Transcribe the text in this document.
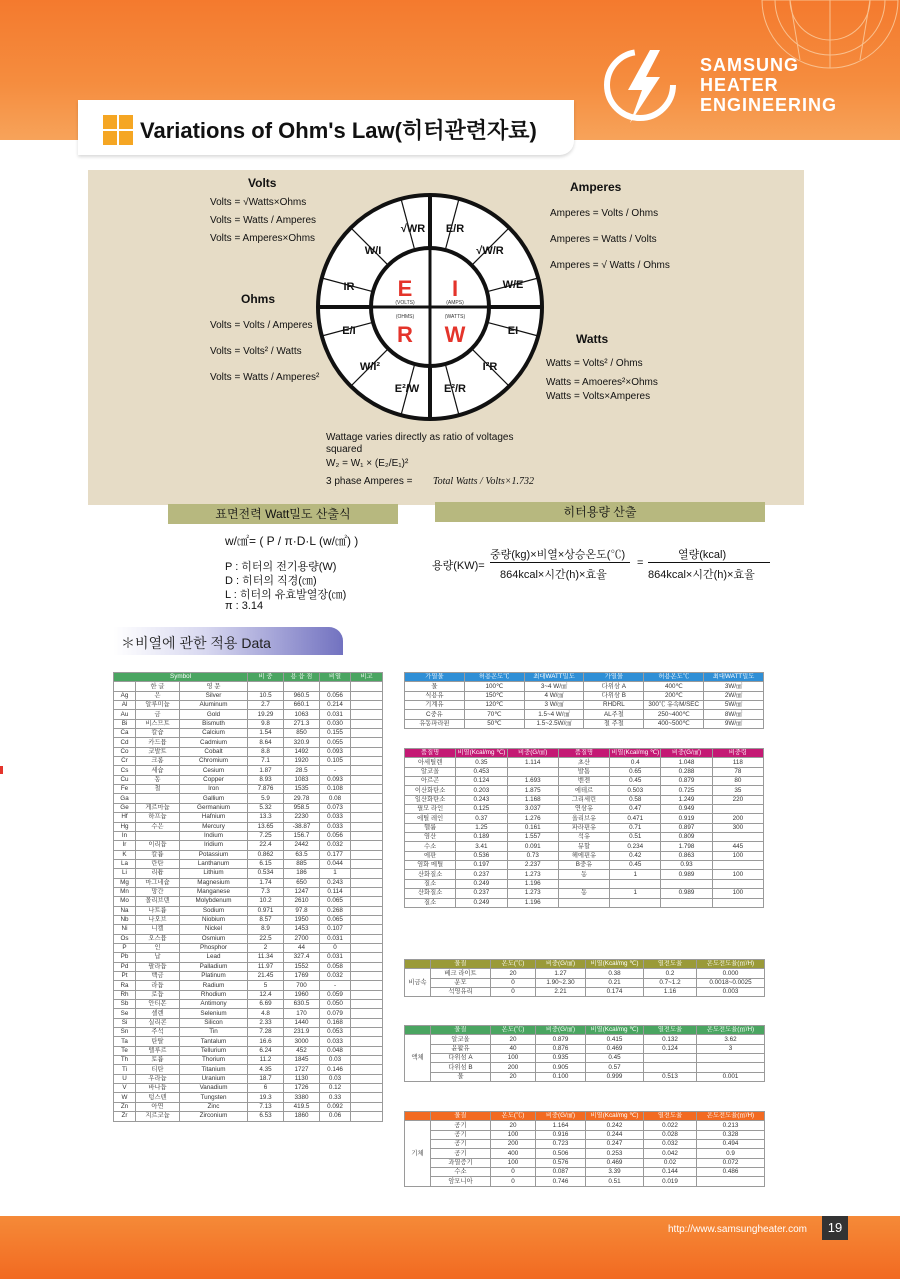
SAMSUNG
HEATER
ENGINEERING
Variations of Ohm's Law(히터관련자료)
Volts
Volts = √Watts×Ohms
Volts = Watts / Amperes
Volts = Amperes×Ohms
Amperes
Amperes = Volts / Ohms
Amperes = Watts / Volts
Amperes = √ Watts / Ohms
Ohms
Volts = Volts / Amperes
Volts = Volts² / Watts
Volts = Watts / Amperes²
Watts
Watts = Volts² / Ohms
Watts = Amoeres²×Ohms
Watts = Volts×Amperes
√WR E/R
√W/R
W/E
EI
I²R
E²/R
E²/W
W/I²
E/I
IR
W/I
E I
R W
(VOLTS)	(AMPS)
(OHMS)	(WATTS)
Wattage varies directly as ratio of voltages
squared
W₂ = W₁ × (E₂/E₁)²
3 phase Amperes = Total Watts / Volts×1.732
표면전력 Watt밀도 산출식	히터용량 산출
w/㎠= ( P / π·D·L (w/㎠) )
P : 히터의 전기용량(W)
D : 히터의 직경(㎝)
L : 히터의 유효발열장(㎝)
π : 3.14
용량(KW)=
중량(kg)×비열×상승온도(℃)
864kcal×시간(h)×효율
=
열량(kcal)
864kcal×시간(h)×효율
＊비열에 관한 적용 Data
Symbol			비 중	용 융 점	비열	비고
	한 글	영 문				
Ag	은	Silver	10.5	960.5	0.056	
Al	알루미늄	Aluminum	2.7	660.1	0.214	
Au	금	Gold	19.29	1063	0.031	
Bi	비스므트	Bismuth	9.8	271.3	0.030	
Ca	칼슘	Calcium	1.54	850	0.155	
Cd	카드뮴	Cadmium	8.64	320.9	0.055	
Co	코발트	Cobalt	8.8	1492	0.093	
Cr	크롬	Chromium	7.1	1920	0.105	
Cs	세슘	Cesium	1.87	28.5	-	
Cu	동	Copper	8.93	1083	0.093	
Fe	철	Iron	7.876	1535	0.108	
Ga		Gallium	5.9	29.78	0.08	
Ge	게르마늄	Germanium	5.32	958.5	0.073	
Hf	하프늄	Hafnium	13.3	2230	0.033	
Hg	수은	Mercury	13.65	-38.87	0.033	
In		Indium	7.25	156.7	0.056	
Ir	이리듐	Iridium	22.4	2442	0.032	
K	칼륨	Potassium	0.862	63.5	0.177	
La	란탄	Lanthanum	6.15	885	0.044	
Li	리튬	Lithium	0.534	186	1	
Mg	마그네슘	Magnesium	1.74	650	0.243	
Mn	망간	Manganese	7.3	1247	0.114	
Mo	몰리브덴	Molybdenum	10.2	2610	0.065	
Na	나트륨	Sodium	0.971	97.8	0.268	
Nb	나오브	Niobium	8.57	1950	0.065	
Ni	니켈	Nickel	8.9	1453	0.107	
Os	오스뮴	Osmium	22.5	2700	0.031	
P	인	Phosphor	2	44	0	
Pb	납	Lead	11.34	327.4	0.031	
Pd	팔라듐	Palladium	11.97	1552	0.058	
Pt	백금	Platinum	21.45	1769	0.032	
Ra	라듐	Radium	5	700	-	
Rh	로듐	Rhodium	12.4	1960	0.059	
Sb	안티몬	Antimony	6.69	630.5	0.050	
Se	셀렌	Selenium	4.8	170	0.079	
Si	실리콘	Silicon	2.33	1440	0.168	
Sn	주석	Tin	7.28	231.9	0.053	
Ta	탄탈	Tantalum	16.6	3000	0.033	
Te	텔루르	Tellurium	6.24	452	0.048	
Th	토륨	Thorium	11.2	1845	0.03	
Ti	티탄	Titanium	4.35	1727	0.146	
U	우라늄	Uranium	18.7	1130	0.03	
V	바나듐	Vanadium	6	1726	0.12	
W	텅스텐	Tungsten	19.3	3380	0.33	
Zn	아연	Zinc	7.13	419.5	0.092	
Zr	지르코늄	Zirconium	6.53	1860	0.06	
가열물	허용온도℃	최대WATT밀도	가열물	허용온도℃	최대WATT밀도
물	100℃	3~4 W/㎠	다위삼 A	400℃	3W/㎠
식용유	150℃	4 W/㎠	다위삼 B	200℃	2W/㎠
기계유	120℃	3 W/㎠	RHDRL	300℃ 유속M/SEC	5W/㎠
C중유	70℃	1.5~4 W/㎠	AL주철	250~400℃	8W/㎠
유동파라핀	50℃	1.5~2.5W/㎠	철 주철	400~500℃	9W/㎠
품질명	비열(Kcal/mg ℃)	비중(G/㎤)	품질명	비열(Kcal/mg ℃)	비중(G/㎤)	비중령
아세틸렌	0.35	1.114	초산	0.4	1.048	118
알코올	0.453		발톰	0.65	0.288	78
아르곤	0.124	1.693	벤젠	0.45	0.879	80
이산화탄소	0.203	1.875	에테르	0.503	0.725	35
일산화탄소	0.243	1.168	그리세린	0.58	1.249	220
필모 라인	0.125	3.037	연삼유	0.47	0.949	
에틸 레인	0.37	1.276	올리브유	0.471	0.919	200
헬륨	1.25	0.161	파라핀유	0.71	0.897	300
염산	0.189	1.557	석유	0.51	0.809	
수소	3.41	0.091	뮤할	0.234	1.798	445
에판	0.536	0.73	헤에핀유	0.42	0.863	100
염화 메틸	0.197	2.237	B중유	0.45	0.93	
산화질소	0.237	1.273	동	1	0.989	100
질소	0.249	1.196				
산화질소	0.237	1.273	동	1	0.989	100
질소	0.249	1.196				
	물질	온도(℃)	비중(G/㎤)	비열(Kcal/mg ℃)	열전도율	온도전도율(㎡/H)
비금속	베크 라이트	20	1.27	0.38	0.2	0.000
	운모	0	1.90~2.30	0.21	0.7~1.2	0.0018~0.0025
	석영유리	0	2.21	0.174	1.16	0.003
	물질	온도(℃)	비중(G/㎤)	비열(Kcal/mg ℃)	열전도율	온도전도율(㎡/H)
액체	알코올	20	0.879	0.415	0.132	3.62
	윤활유	40	0.876	0.469	0.124	3
	다위섬 A	100	0.935	0.45		
	다위섬 B	200	0.905	0.57		
	물	20	0.100	0.999	0.513	0.001
	물질	온도(℃)	비중(G/㎤)	비열(Kcal/mg ℃)	열전도율	온도전도율(㎡/H)
기체	공기	20	1.164	0.242	0.022	0.213
	공기	100	0.916	0.244	0.028	0.328
	공기	200	0.723	0.247	0.032	0.494
	공기	400	0.506	0.253	0.042	0.9
	과열증기	100	0.576	0.469	0.02	0.072
	수소	0	0.087	3.39	0.144	0.486
	암모니아	0	0.746	0.51	0.019	
http://www.samsungheater.com	19
